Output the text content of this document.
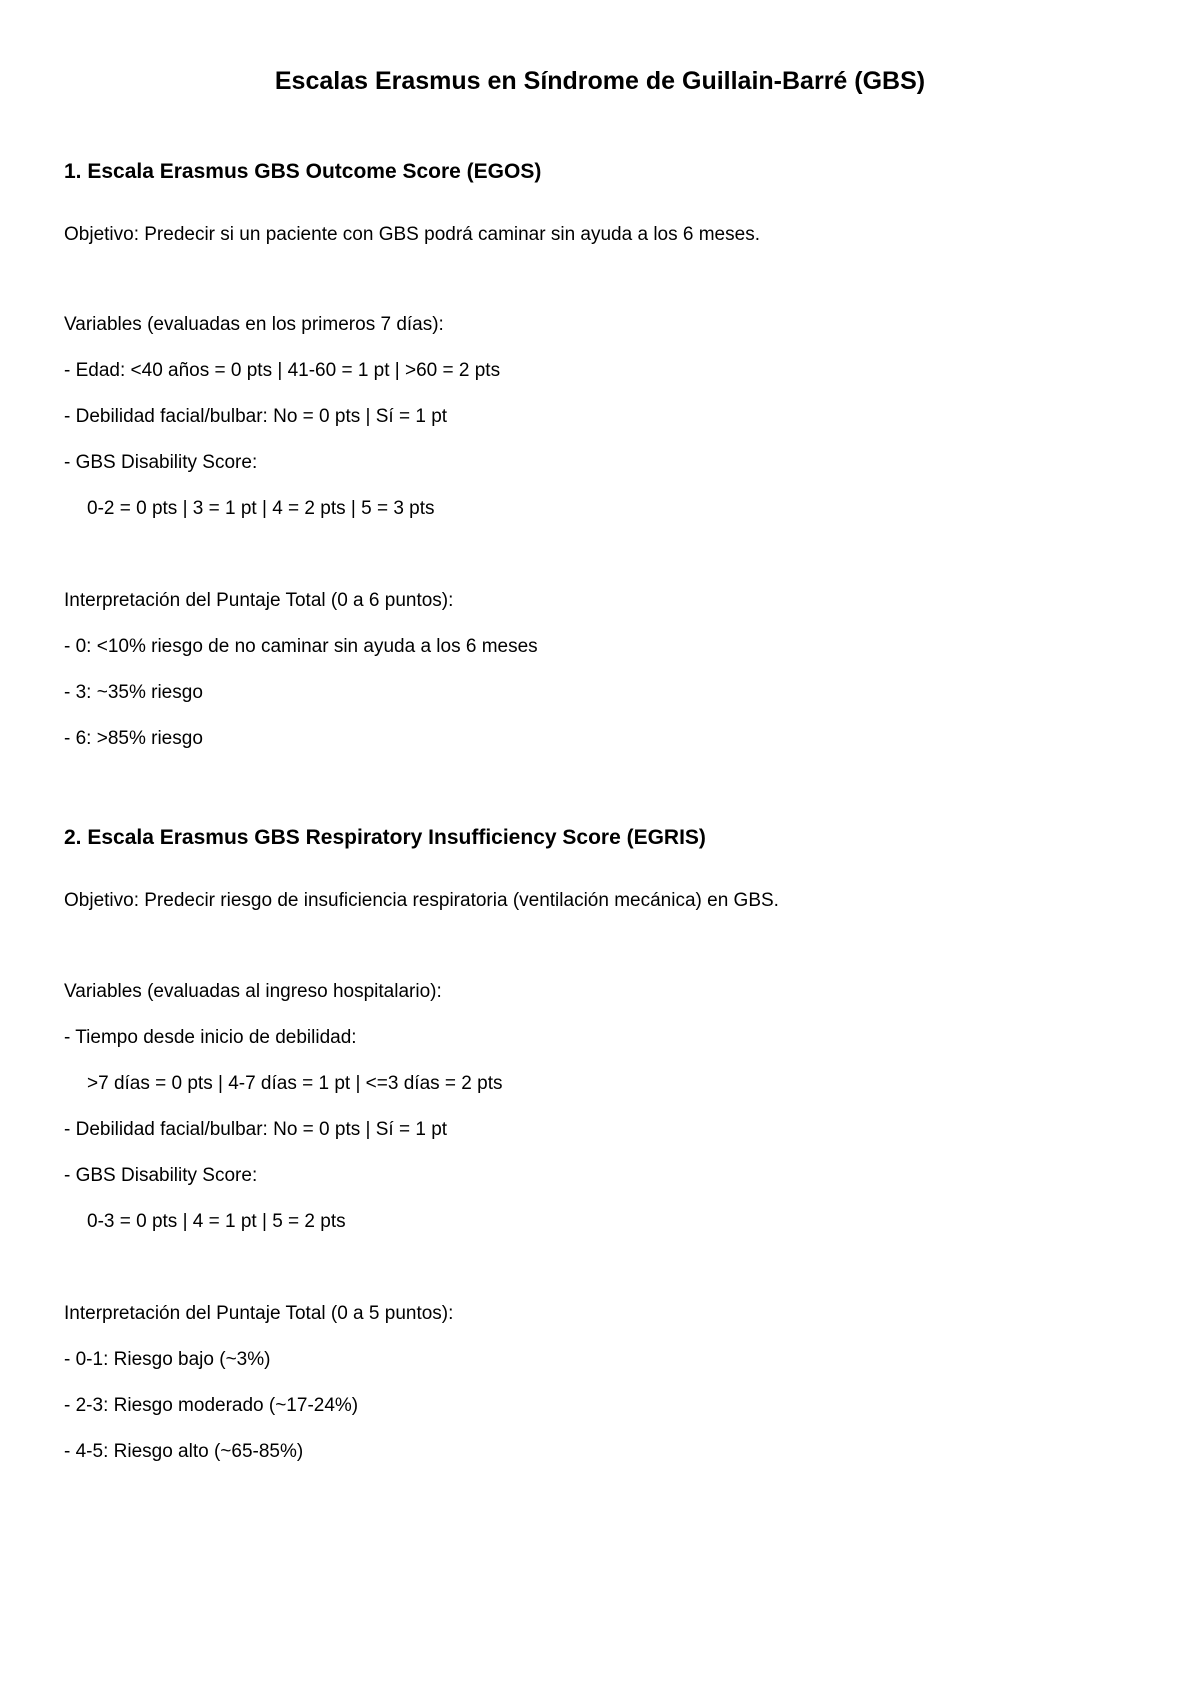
Escalas Erasmus en Síndrome de Guillain-Barré (GBS)
1. Escala Erasmus GBS Outcome Score (EGOS)
Objetivo: Predecir si un paciente con GBS podrá caminar sin ayuda a los 6 meses.
Variables (evaluadas en los primeros 7 días):
- Edad: <40 años = 0 pts | 41-60 = 1 pt | >60 = 2 pts
- Debilidad facial/bulbar: No = 0 pts | Sí = 1 pt
- GBS Disability Score:
0-2 = 0 pts | 3 = 1 pt | 4 = 2 pts | 5 = 3 pts
Interpretación del Puntaje Total (0 a 6 puntos):
- 0: <10% riesgo de no caminar sin ayuda a los 6 meses
- 3: ~35% riesgo
- 6: >85% riesgo
2. Escala Erasmus GBS Respiratory Insufficiency Score (EGRIS)
Objetivo: Predecir riesgo de insuficiencia respiratoria (ventilación mecánica) en GBS.
Variables (evaluadas al ingreso hospitalario):
- Tiempo desde inicio de debilidad:
>7 días = 0 pts | 4-7 días = 1 pt | <=3 días = 2 pts
- Debilidad facial/bulbar: No = 0 pts | Sí = 1 pt
- GBS Disability Score:
0-3 = 0 pts | 4 = 1 pt | 5 = 2 pts
Interpretación del Puntaje Total (0 a 5 puntos):
- 0-1: Riesgo bajo (~3%)
- 2-3: Riesgo moderado (~17-24%)
- 4-5: Riesgo alto (~65-85%)
